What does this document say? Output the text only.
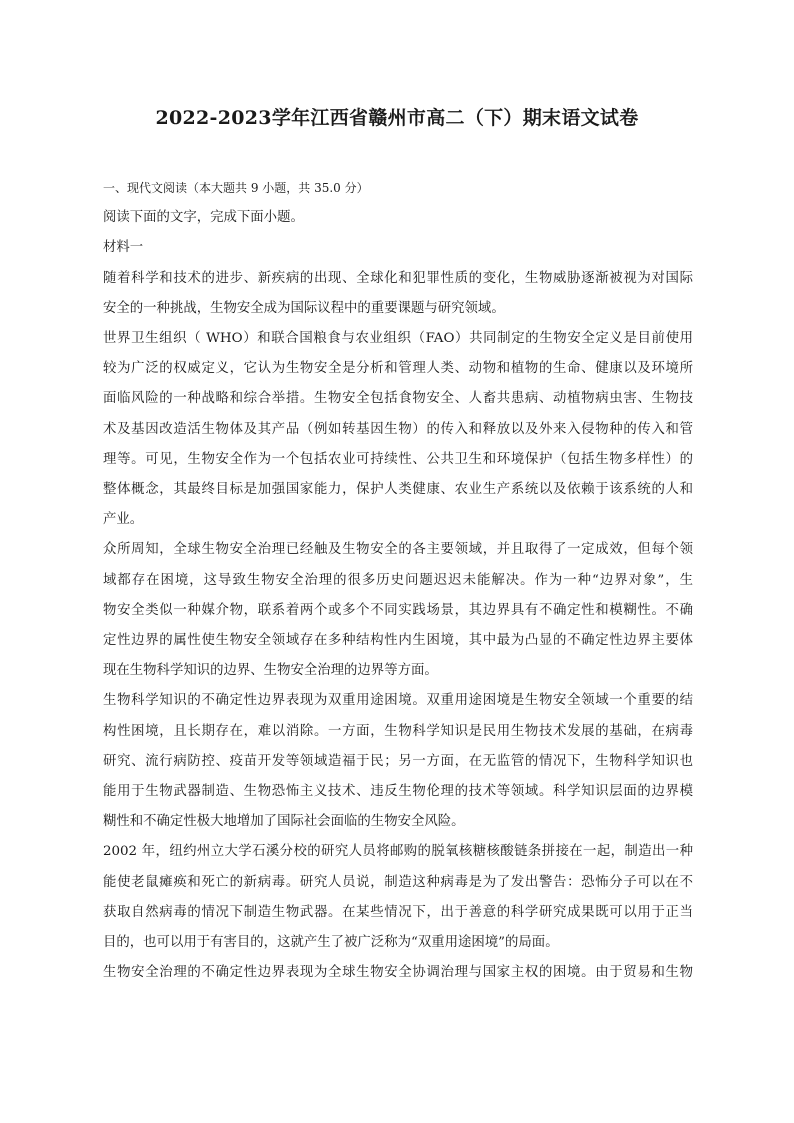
2022-2023学年江西省赣州市高二（下）期末语文试卷
一、现代文阅读（本大题共 9 小题，共 35.0 分）
阅读下面的文字，完成下面小题。
材料一
随着科学和技术的进步、新疾病的出现、全球化和犯罪性质的变化，生物威胁逐渐被视为对国际
安全的一种挑战，生物安全成为国际议程中的重要课题与研究领域。
世界卫生组织（ WHO）和联合国粮食与农业组织（FAO）共同制定的生物安全定义是目前使用
较为广泛的权威定义，它认为生物安全是分析和管理人类、动物和植物的生命、健康以及环境所
面临风险的一种战略和综合举措。生物安全包括食物安全、人畜共患病、动植物病虫害、生物技
术及基因改造活生物体及其产品（例如转基因生物）的传入和释放以及外来入侵物种的传入和管
理等。可见，生物安全作为一个包括农业可持续性、公共卫生和环境保护（包括生物多样性）的
整体概念，其最终目标是加强国家能力，保护人类健康、农业生产系统以及依赖于该系统的人和
产业。
众所周知，全球生物安全治理已经触及生物安全的各主要领域，并且取得了一定成效，但每个领
域都存在困境，这导致生物安全治理的很多历史问题迟迟未能解决。作为一种“边界对象”，生
物安全类似一种媒介物，联系着两个或多个不同实践场景，其边界具有不确定性和模糊性。不确
定性边界的属性使生物安全领域存在多种结构性内生困境，其中最为凸显的不确定性边界主要体
现在生物科学知识的边界、生物安全治理的边界等方面。
生物科学知识的不确定性边界表现为双重用途困境。双重用途困境是生物安全领域一个重要的结
构性困境，且长期存在，难以消除。一方面，生物科学知识是民用生物技术发展的基础，在病毒
研究、流行病防控、疫苗开发等领域造福于民；另一方面，在无监管的情况下，生物科学知识也
能用于生物武器制造、生物恐怖主义技术、违反生物伦理的技术等领域。科学知识层面的边界模
糊性和不确定性极大地增加了国际社会面临的生物安全风险。
2002 年，纽约州立大学石溪分校的研究人员将邮购的脱氧核糖核酸链条拼接在一起，制造出一种
能使老鼠瘫痪和死亡的新病毒。研究人员说，制造这种病毒是为了发出警告：恐怖分子可以在不
获取自然病毒的情况下制造生物武器。在某些情况下，出于善意的科学研究成果既可以用于正当
目的，也可以用于有害目的，这就产生了被广泛称为“双重用途困境”的局面。
生物安全治理的不确定性边界表现为全球生物安全协调治理与国家主权的困境。由于贸易和生物
